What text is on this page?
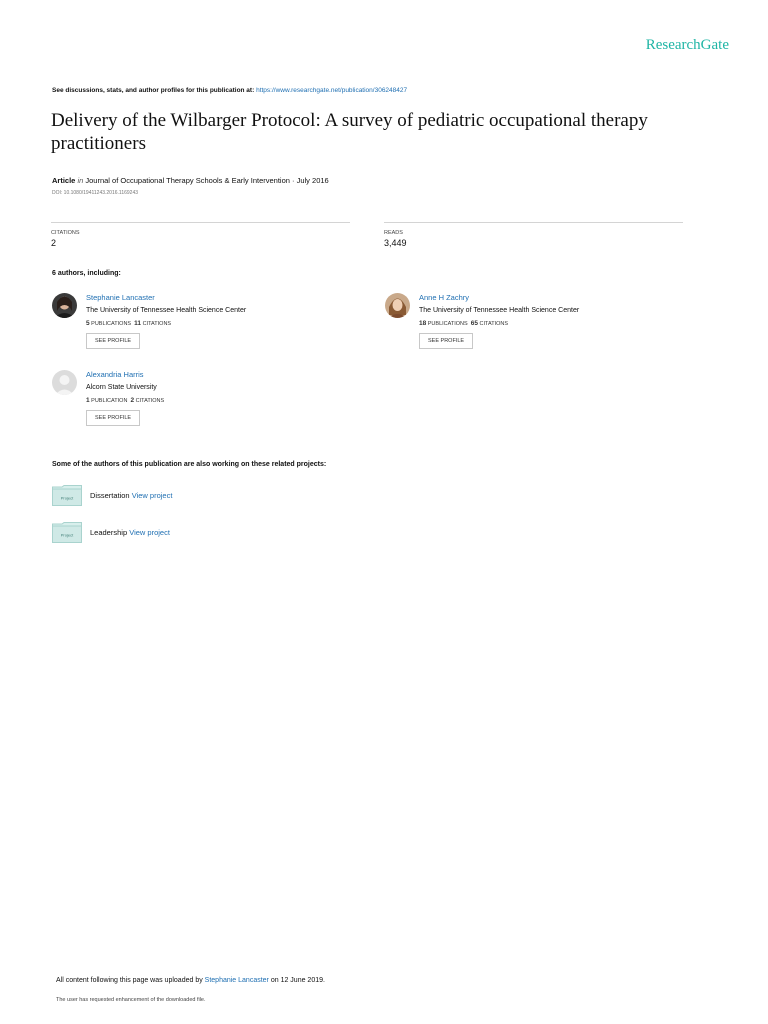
ResearchGate
See discussions, stats, and author profiles for this publication at: https://www.researchgate.net/publication/306248427
Delivery of the Wilbarger Protocol: A survey of pediatric occupational therapy practitioners
Article in Journal of Occupational Therapy Schools & Early Intervention · July 2016
DOI: 10.1080/19411243.2016.1169243
CITATIONS
2
READS
3,449
6 authors, including:
Stephanie Lancaster
The University of Tennessee Health Science Center
5 PUBLICATIONS 11 CITATIONS
SEE PROFILE
Anne H Zachry
The University of Tennessee Health Science Center
18 PUBLICATIONS 65 CITATIONS
SEE PROFILE
Alexandria Harris
Alcorn State University
1 PUBLICATION 2 CITATIONS
SEE PROFILE
Some of the authors of this publication are also working on these related projects:
Project Dissertation View project
Project Leadership View project
All content following this page was uploaded by Stephanie Lancaster on 12 June 2019.
The user has requested enhancement of the downloaded file.
